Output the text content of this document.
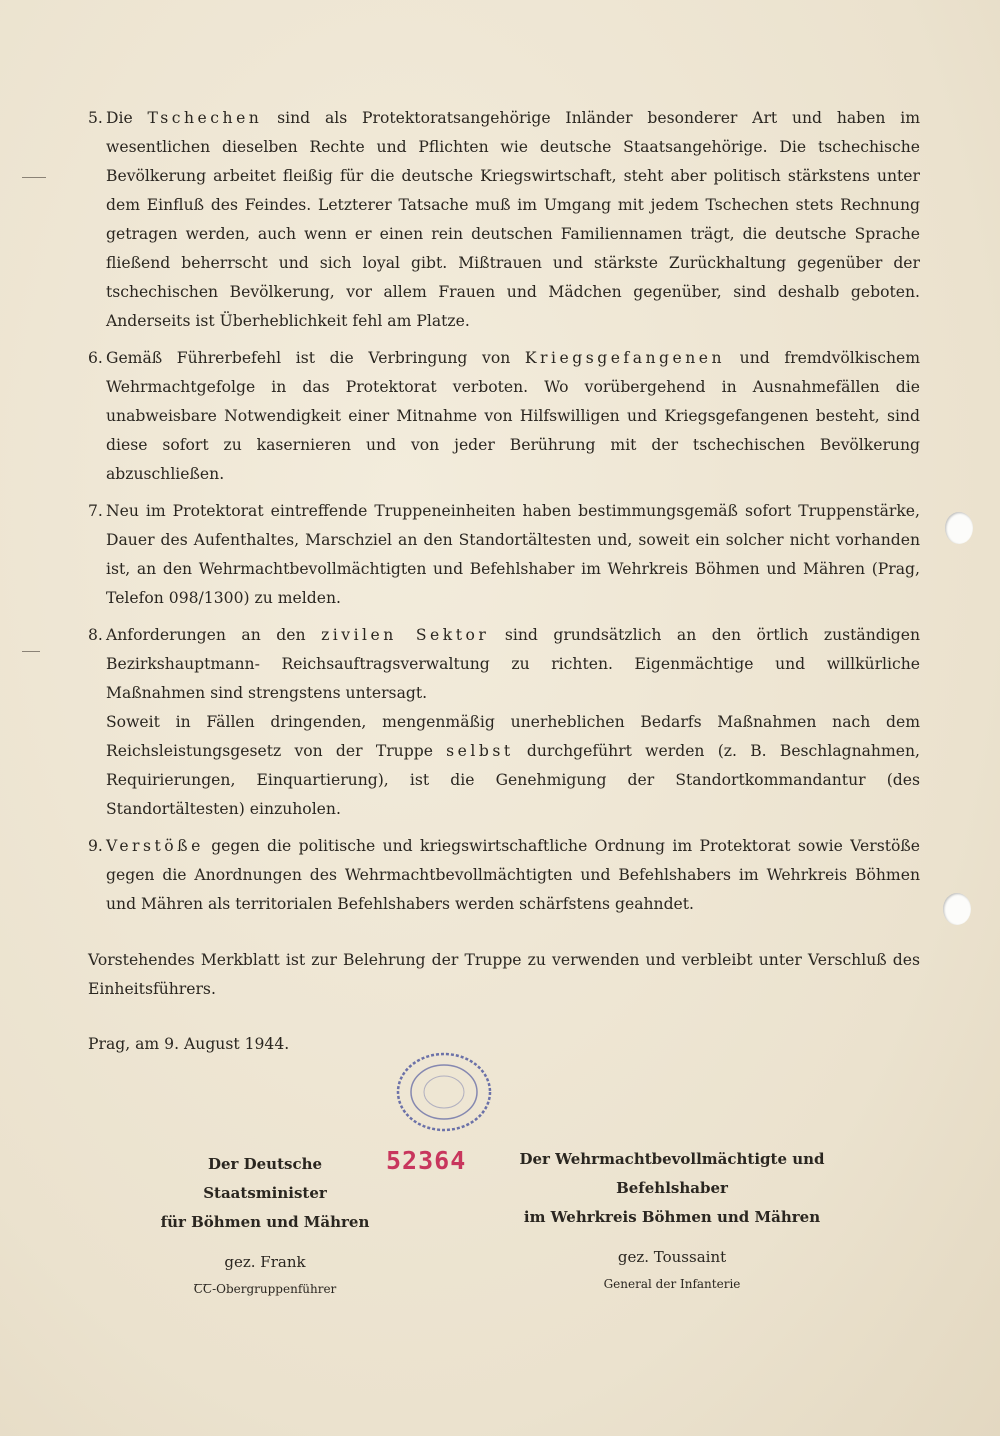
5. Die Tschechen sind als Protektoratsangehörige Inländer besonderer Art und haben im wesentlichen dieselben Rechte und Pflichten wie deutsche Staatsangehörige. Die tschechische Bevölkerung arbeitet fleißig für die deutsche Kriegswirtschaft, steht aber politisch stärkstens unter dem Einfluß des Feindes. Letzterer Tatsache muß im Umgang mit jedem Tschechen stets Rechnung getragen werden, auch wenn er einen rein deutschen Familiennamen trägt, die deutsche Sprache fließend beherrscht und sich loyal gibt. Mißtrauen und stärkste Zurückhaltung gegenüber der tschechischen Bevölkerung, vor allem Frauen und Mädchen gegenüber, sind deshalb geboten. Anderseits ist Überheblichkeit fehl am Platze.
6. Gemäß Führerbefehl ist die Verbringung von Kriegsgefangenen und fremdvölkischem Wehrmachtgefolge in das Protektorat verboten. Wo vorübergehend in Ausnahmefällen die unabweisbare Notwendigkeit einer Mitnahme von Hilfswilligen und Kriegsgefangenen besteht, sind diese sofort zu kasernieren und von jeder Berührung mit der tschechischen Bevölkerung abzuschließen.
7. Neu im Protektorat eintreffende Truppeneinheiten haben bestimmungsgemäß sofort Truppenstärke, Dauer des Aufenthaltes, Marschziel an den Standortältesten und, soweit ein solcher nicht vorhanden ist, an den Wehrmachtbevollmächtigten und Befehlshaber im Wehrkreis Böhmen und Mähren (Prag, Telefon 098/1300) zu melden.
8. Anforderungen an den zivilen Sektor sind grundsätzlich an den örtlich zuständigen Bezirkshauptmann- Reichsauftragsverwaltung zu richten. Eigenmächtige und willkürliche Maßnahmen sind strengstens untersagt.

Soweit in Fällen dringenden, mengenmäßig unerheblichen Bedarfs Maßnahmen nach dem Reichsleistungsgesetz von der Truppe selbst durchgeführt werden (z. B. Beschlagnahmen, Requirierungen, Einquartierung), ist die Genehmigung der Standortkommandantur (des Standortältesten) einzuholen.

9. Verstöße gegen die politische und kriegswirtschaftliche Ordnung im Protektorat sowie Verstöße gegen die Anordnungen des Wehrmachtbevollmächtigten und Befehlshabers im Wehrkreis Böhmen und Mähren als territorialen Befehlshabers werden schärfstens geahndet.
Vorstehendes Merkblatt ist zur Belehrung der Truppe zu verwenden und verbleibt unter Verschluß des Einheitsführers.
Prag, am 9. August 1944.
52364
Der Deutsche Staatsminister
für Böhmen und Mähren
gez. Frank
ꞆꞆ-Obergruppenführer
Der Wehrmachtbevollmächtigte und Befehlshaber
im Wehrkreis Böhmen und Mähren
gez. Toussaint
General der Infanterie
